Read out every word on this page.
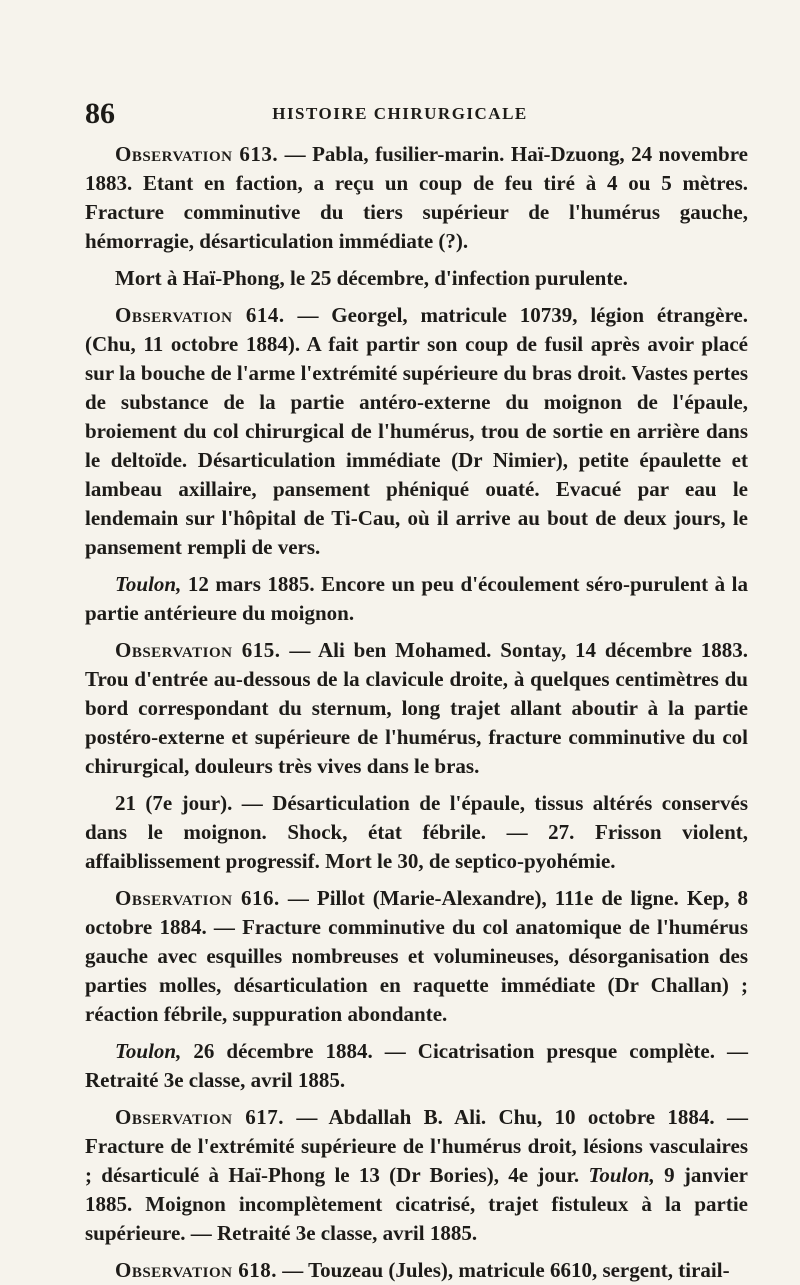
86	HISTOIRE CHIRURGICALE

Observation 613. — Pabla, fusilier-marin. Haï-Dzuong, 24 novembre 1883. Etant en faction, a reçu un coup de feu tiré à 4 ou 5 mètres. Fracture comminutive du tiers supérieur de l'humérus gauche, hémorragie, désarticulation immédiate (?).

Mort à Haï-Phong, le 25 décembre, d'infection purulente.

Observation 614. — Georgel, matricule 10739, légion étrangère. (Chu, 11 octobre 1884). A fait partir son coup de fusil après avoir placé sur la bouche de l'arme l'extrémité supérieure du bras droit. Vastes pertes de substance de la partie antéro-externe du moignon de l'épaule, broiement du col chirurgical de l'humérus, trou de sortie en arrière dans le deltoïde. Désarticulation immédiate (Dr Nimier), petite épaulette et lambeau axillaire, pansement phéniqué ouaté. Evacué par eau le lendemain sur l'hôpital de Ti-Cau, où il arrive au bout de deux jours, le pansement rempli de vers.

Toulon, 12 mars 1885. Encore un peu d'écoulement séro-purulent à la partie antérieure du moignon.

Observation 615. — Ali ben Mohamed. Sontay, 14 décembre 1883. Trou d'entrée au-dessous de la clavicule droite, à quelques centimètres du bord correspondant du sternum, long trajet allant aboutir à la partie postéro-externe et supérieure de l'humérus, fracture comminutive du col chirurgical, douleurs très vives dans le bras.

21 (7e jour). — Désarticulation de l'épaule, tissus altérés conservés dans le moignon. Shock, état fébrile. — 27. Frisson violent, affaiblissement progressif. Mort le 30, de septico-pyohémie.

Observation 616. — Pillot (Marie-Alexandre), 111e de ligne. Kep, 8 octobre 1884. — Fracture comminutive du col anatomique de l'humérus gauche avec esquilles nombreuses et volumineuses, désorganisation des parties molles, désarticulation en raquette immédiate (Dr Challan) ; réaction fébrile, suppuration abondante.

Toulon, 26 décembre 1884. — Cicatrisation presque complète. — Retraité 3e classe, avril 1885.

Observation 617. — Abdallah B. Ali. Chu, 10 octobre 1884. — Fracture de l'extrémité supérieure de l'humérus droit, lésions vasculaires ; désarticulé à Haï-Phong le 13 (Dr Bories), 4e jour. Toulon, 9 janvier 1885. Moignon incomplètement cicatrisé, trajet fistuleux à la partie supérieure. — Retraité 3e classe, avril 1885.

Observation 618. — Touzeau (Jules), matricule 6610, sergent, tirail-
